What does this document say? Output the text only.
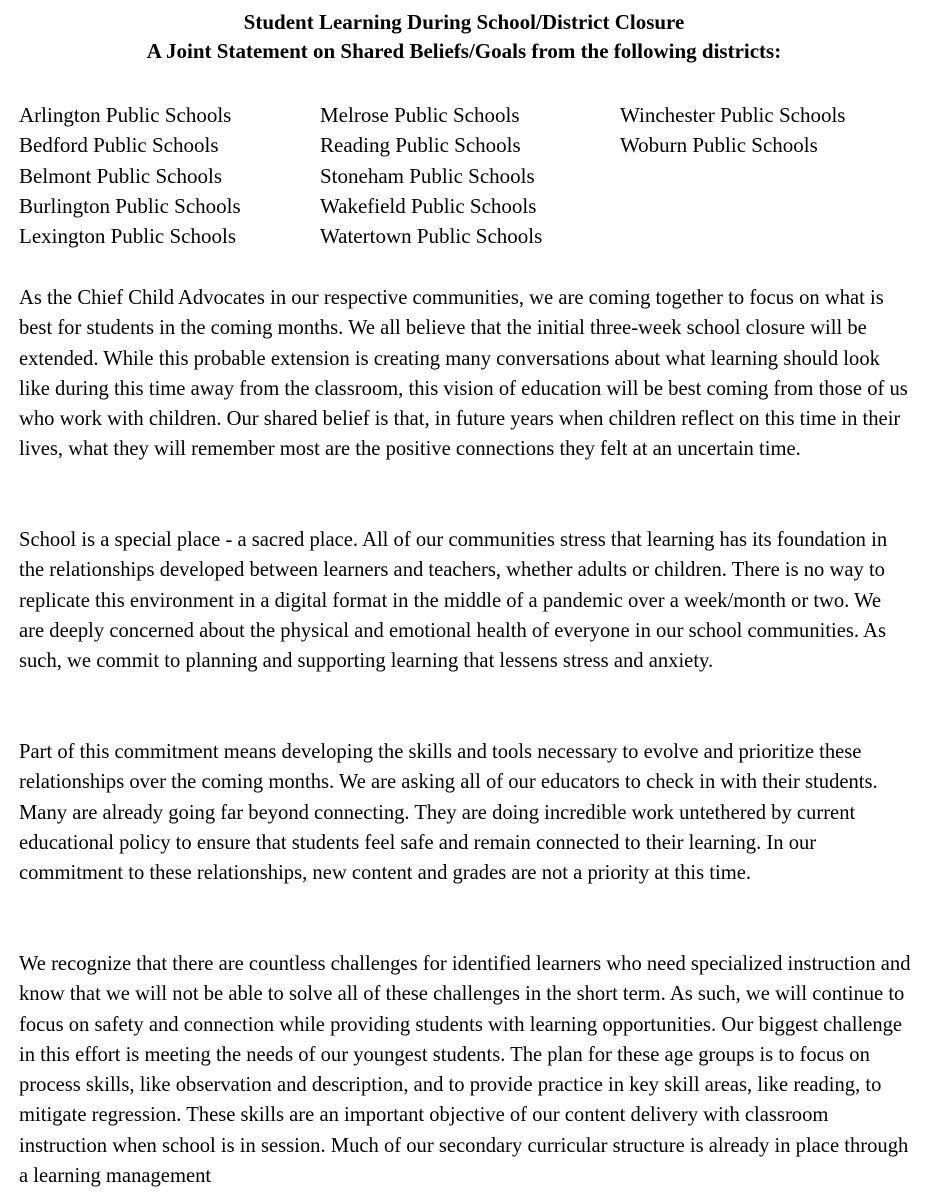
Student Learning During School/District Closure
A Joint Statement on Shared Beliefs/Goals from the following districts:
Arlington Public Schools
Bedford Public Schools
Belmont Public Schools
Burlington Public Schools
Lexington Public Schools
Melrose Public Schools
Reading Public Schools
Stoneham Public Schools
Wakefield Public Schools
Watertown Public Schools
Winchester Public Schools
Woburn Public Schools

As the Chief Child Advocates in our respective communities, we are coming together to focus on what is best for students in the coming months. We all believe that the initial three-week school closure will be extended. While this probable extension is creating many conversations about what learning should look like during this time away from the classroom, this vision of education will be best coming from those of us who work with children. Our shared belief is that, in future years when children reflect on this time in their lives, what they will remember most are the positive connections they felt at an uncertain time.

School is a special place - a sacred place. All of our communities stress that learning has its foundation in the relationships developed between learners and teachers, whether adults or children. There is no way to replicate this environment in a digital format in the middle of a pandemic over a week/month or two. We are deeply concerned about the physical and emotional health of everyone in our school communities. As such, we commit to planning and supporting learning that lessens stress and anxiety.

Part of this commitment means developing the skills and tools necessary to evolve and prioritize these relationships over the coming months. We are asking all of our educators to check in with their students. Many are already going far beyond connecting. They are doing incredible work untethered by current educational policy to ensure that students feel safe and remain connected to their learning. In our commitment to these relationships, new content and grades are not a priority at this time.

We recognize that there are countless challenges for identified learners who need specialized instruction and know that we will not be able to solve all of these challenges in the short term. As such, we will continue to focus on safety and connection while providing students with learning opportunities. Our biggest challenge in this effort is meeting the needs of our youngest students. The plan for these age groups is to focus on process skills, like observation and description, and to provide practice in key skill areas, like reading, to mitigate regression. These skills are an important objective of our content delivery with classroom instruction when school is in session. Much of our secondary curricular structure is already in place through a learning management
